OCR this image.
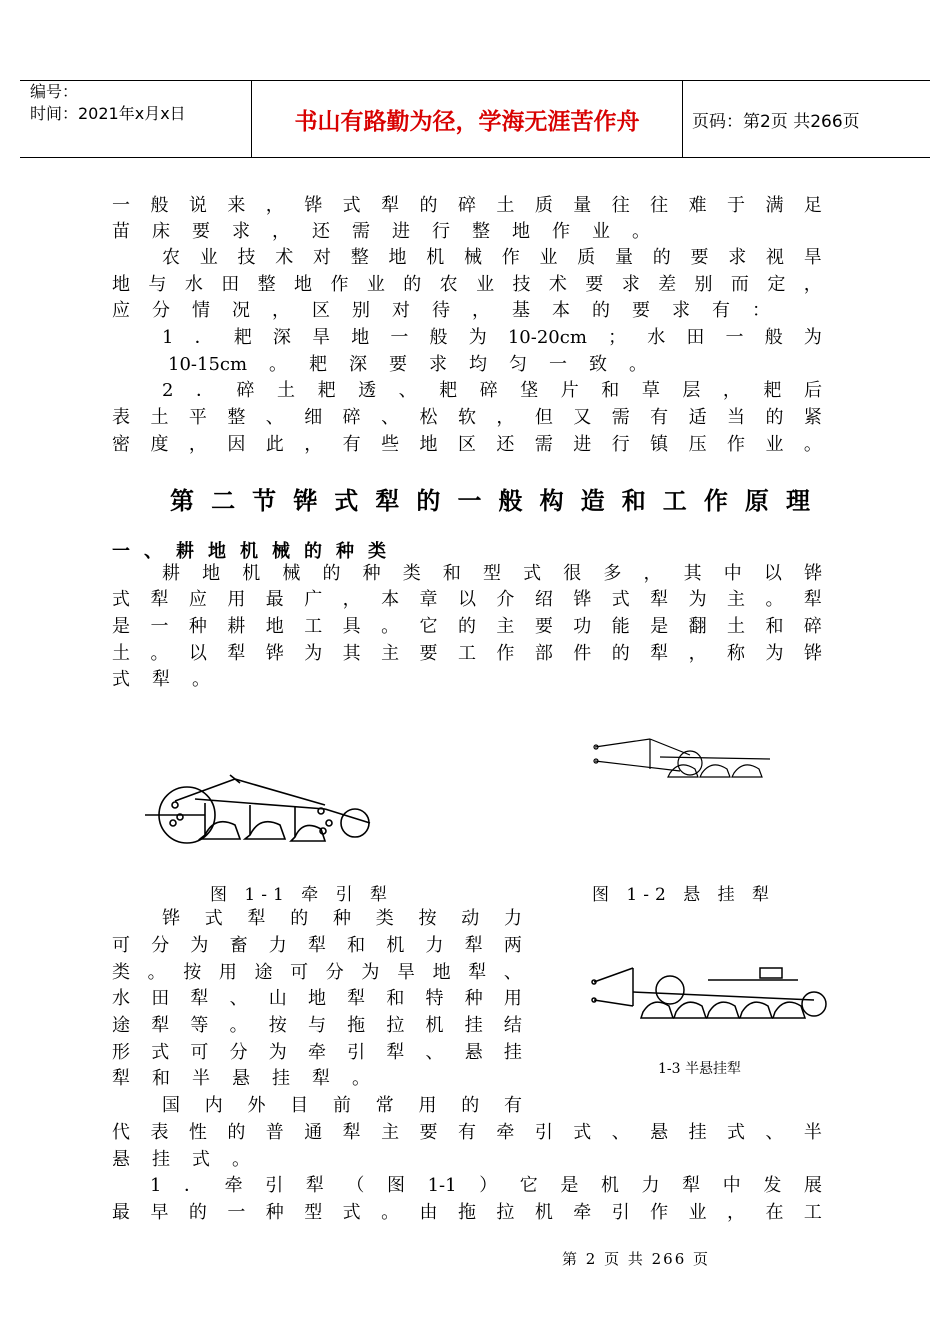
编号：
时间：2021年x月x日	书山有路勤为径，学海无涯苦作舟	页码：第2页 共266页
一 般 说 来 ， 铧 式 犁 的 碎 土 质 量 往 往 难 于 满 足
苗 床 要 求 ， 还 需 进 行 整 地 作 业 。
农 业 技 术 对 整 地 机 械 作 业 质 量 的 要 求 视 旱
地 与 水 田 整 地 作 业 的 农 业 技 术 要 求 差 别 而 定 ，
应 分 情 况 ， 区 别 对 待 ， 基 本 的 要 求 有 ：
1 ． 耙 深 旱 地 一 般 为 10-20cm ； 水 田 一 般 为
10-15cm 。 耙 深 要 求 均 匀 一 致 。
2 ． 碎 土 耙 透 、 耙 碎 垡 片 和 草 层 ， 耙 后
表 土 平 整 、 细 碎 、 松 软 ， 但 又 需 有 适 当 的 紧
密 度 ， 因 此 ， 有 些 地 区 还 需 进 行 镇 压 作 业 。
第 二 节 铧 式 犁 的 一 般 构 造 和 工 作 原 理
一、耕地机械的种类
耕 地 机 械 的 种 类 和 型 式 很 多 ， 其 中 以 铧
式 犁 应 用 最 广 ， 本 章 以 介 绍 铧 式 犁 为 主 。 犁
是 一 种 耕 地 工 具 。 它 的 主 要 功 能 是 翻 土 和 碎
土 。 以 犁 铧 为 其 主 要 工 作 部 件 的 犁 ， 称 为 铧
式 犁 。
图 1-1 牵 引 犁	图 1-2 悬 挂 犁
铧 式 犁 的 种 类 按 动 力
可 分 为 畜 力 犁 和 机 力 犁 两
类 。 按 用 途 可 分 为 旱 地 犁 、
水 田 犁 、 山 地 犁 和 特 种 用
途 犁 等 。 按 与 拖 拉 机 挂 结
形 式 可 分 为 牵 引 犁 、 悬 挂
犁 和 半 悬 挂 犁 。
国 内 外 目 前 常 用 的 有
1-3 半悬挂犁
代 表 性 的 普 通 犁 主 要 有 牵 引 式 、 悬 挂 式 、 半
悬 挂 式 。
1 ． 牵 引 犁 （ 图 1-1 ） 它 是 机 力 犁 中 发 展
最 早 的 一 种 型 式 。 由 拖 拉 机 牵 引 作 业 ， 在 工
第 2 页 共 266 页
